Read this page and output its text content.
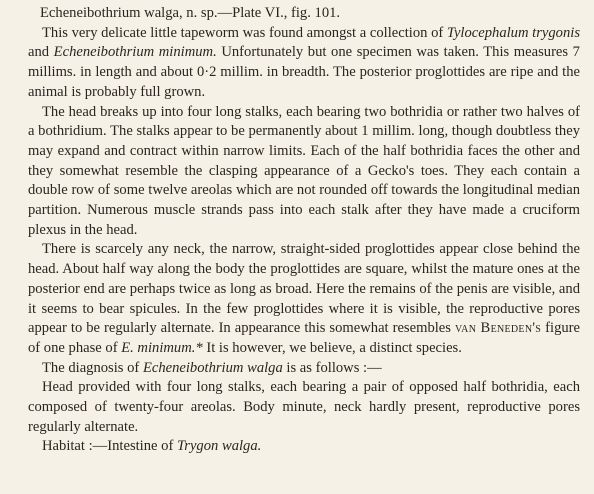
Echeneibothrium walga, n. sp.—Plate VI., fig. 101.

This very delicate little tapeworm was found amongst a collection of Tylocephalum trygonis and Echeneibothrium minimum. Unfortunately but one specimen was taken. This measures 7 millims. in length and about 0·2 millim. in breadth. The posterior proglottides are ripe and the animal is probably full grown.

The head breaks up into four long stalks, each bearing two bothridia or rather two halves of a bothridium. The stalks appear to be permanently about 1 millim. long, though doubtless they may expand and contract within narrow limits. Each of the half bothridia faces the other and they somewhat resemble the clasping appearance of a Gecko's toes. They each contain a double row of some twelve areolas which are not rounded off towards the longitudinal median partition. Numerous muscle strands pass into each stalk after they have made a cruciform plexus in the head.

There is scarcely any neck, the narrow, straight-sided proglottides appear close behind the head. About half way along the body the proglottides are square, whilst the mature ones at the posterior end are perhaps twice as long as broad. Here the remains of the penis are visible, and it seems to bear spicules. In the few proglottides where it is visible, the reproductive pores appear to be regularly alternate. In appearance this somewhat resembles van Beneden's figure of one phase of E. minimum.* It is however, we believe, a distinct species.

The diagnosis of Echeneibothrium walga is as follows :—

Head provided with four long stalks, each bearing a pair of opposed half bothridia, each composed of twenty-four areolas. Body minute, neck hardly present, reproductive pores regularly alternate.

Habitat :—Intestine of Trygon walga.
